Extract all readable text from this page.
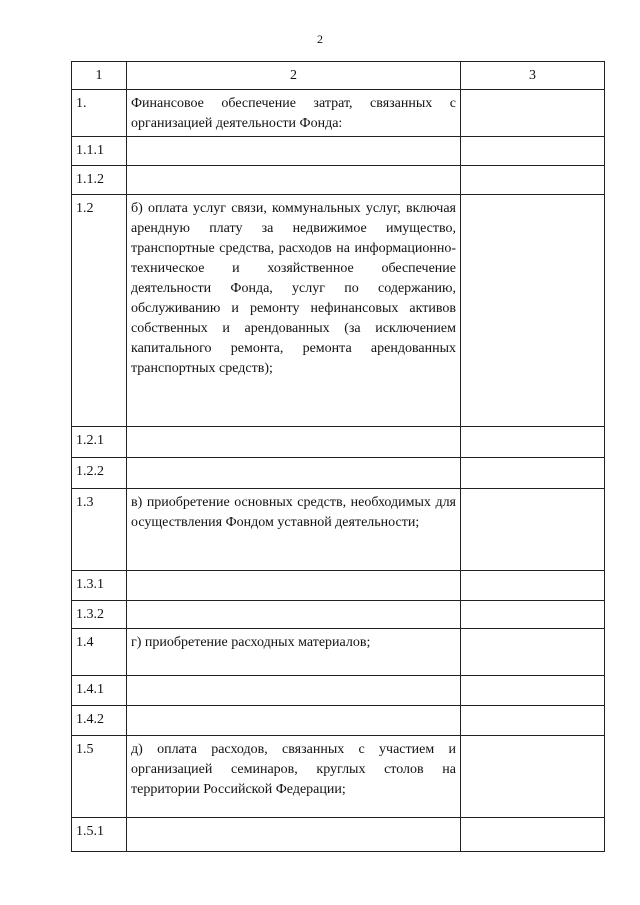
2
1	2	3
1.	Финансовое обеспечение затрат, связанных с организацией деятельности Фонда:	
1.1.1		
1.1.2		
1.2	б) оплата услуг связи, коммунальных услуг, включая арендную плату за недвижимое имущество, транспортные средства, расходов на информационно-техническое и хозяйственное обеспечение деятельности Фонда, услуг по содержанию, обслуживанию и ремонту нефинансовых активов собственных и арендованных (за исключением капитального ремонта, ремонта арендованных транспортных средств);	
1.2.1		
1.2.2		
1.3	в) приобретение основных средств, необходимых для осуществления Фондом уставной деятельности;	
1.3.1		
1.3.2		
1.4	г) приобретение расходных материалов;	
1.4.1		
1.4.2		
1.5	д) оплата расходов, связанных с участием и организацией семинаров, круглых столов на территории Российской Федерации;	
1.5.1		
